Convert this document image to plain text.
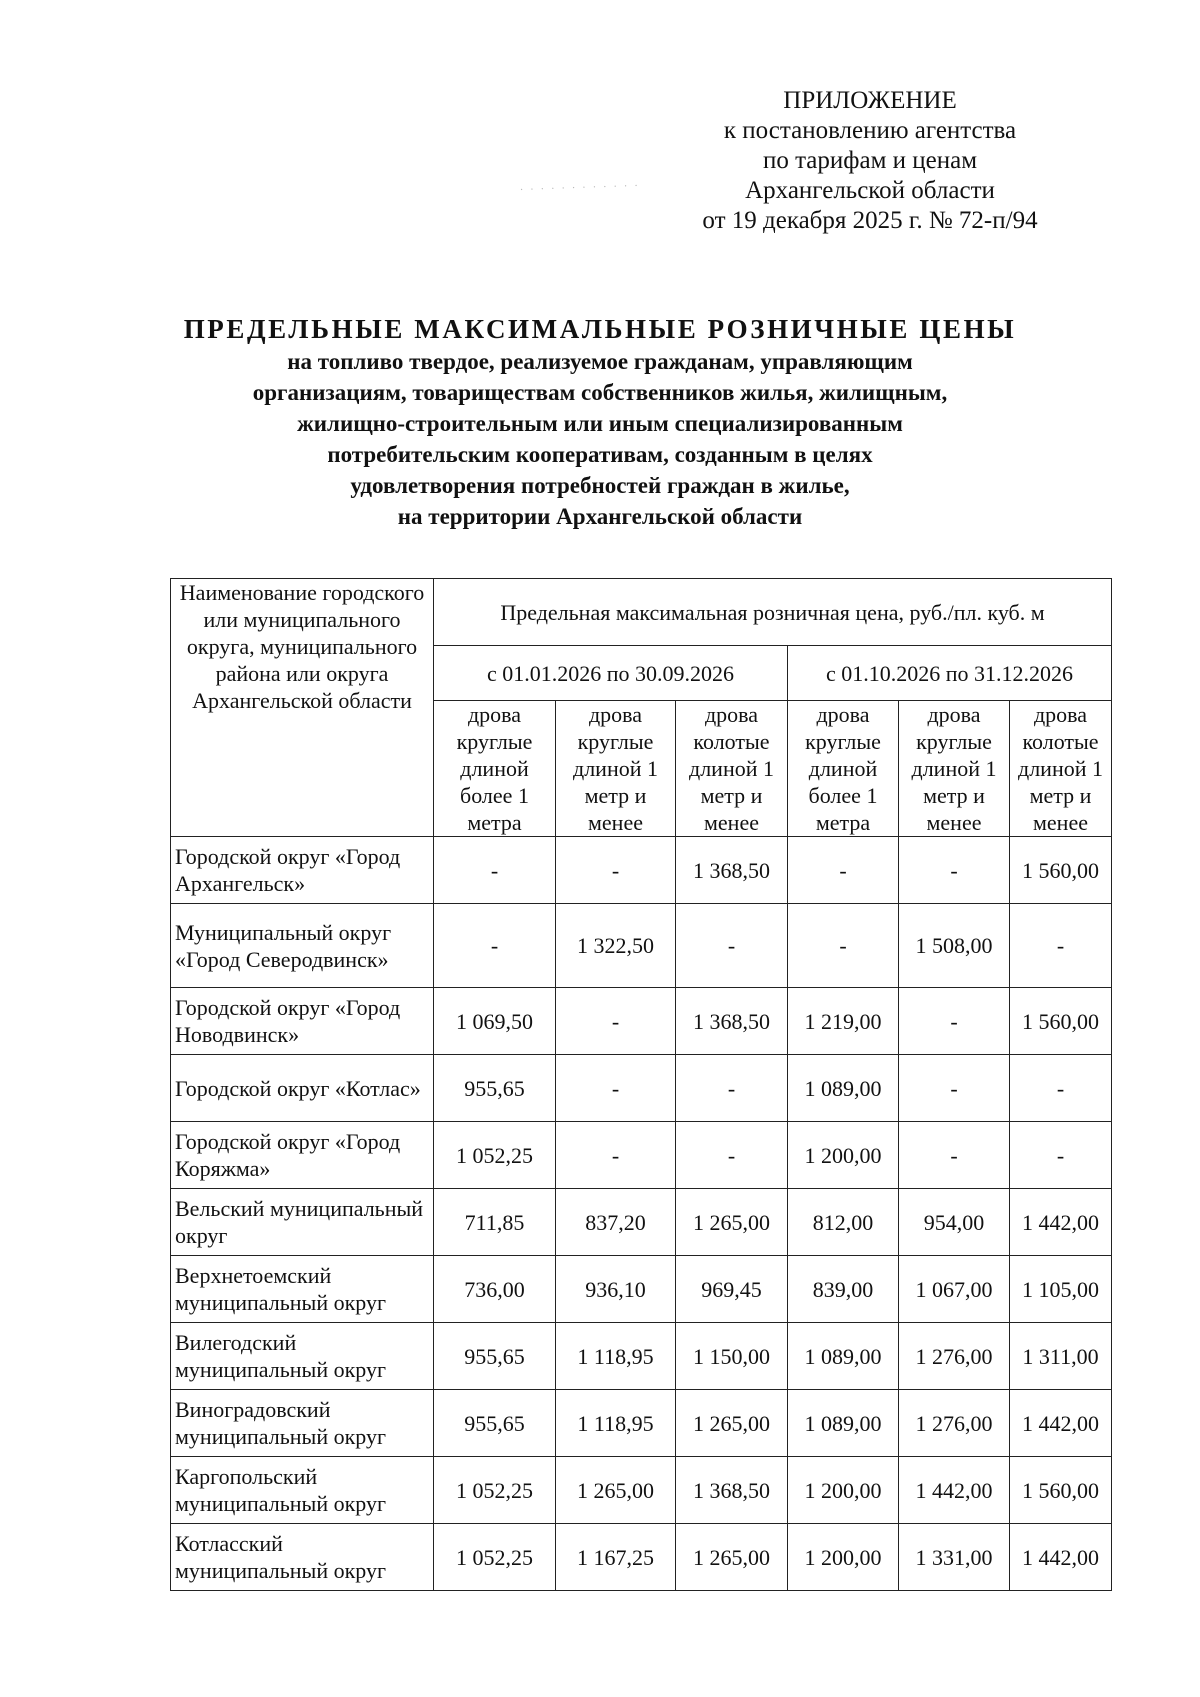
ПРИЛОЖЕНИЕ
к постановлению агентства
по тарифам и ценам
Архангельской области
от 19 декабря 2025 г. № 72-п/94
· · · · · · · · · · · ·
ПРЕДЕЛЬНЫЕ МАКСИМАЛЬНЫЕ РОЗНИЧНЫЕ ЦЕНЫ
на топливо твердое, реализуемое гражданам, управляющим
организациям, товариществам собственников жилья, жилищным,
жилищно-строительным или иным специализированным
потребительским кооперативам, созданным в целях
удовлетворения потребностей граждан в жилье,
на территории Архангельской области
Наименование городского или муниципального округа, муниципального района или округа Архангельской области	Предельная максимальная розничная цена, руб./пл. куб. м					
	с 01.01.2026 по 30.09.2026			с 01.10.2026 по 31.12.2026		
	дрова круглые длиной более 1 метра	дрова круглые длиной 1 метр и менее	дрова колотые длиной 1 метр и менее	дрова круглые длиной более 1 метра	дрова круглые длиной 1 метр и менее	дрова колотые длиной 1 метр и менее
Городской округ «Город Архангельск»	-	-	1 368,50	-	-	1 560,00
Муниципальный округ «Город Северодвинск»	-	1 322,50	-	-	1 508,00	-
Городской округ «Город Новодвинск»	1 069,50	-	1 368,50	1 219,00	-	1 560,00
Городской округ «Котлас»	955,65	-	-	1 089,00	-	-
Городской округ «Город Коряжма»	1 052,25	-	-	1 200,00	-	-
Вельский муниципальный округ	711,85	837,20	1 265,00	812,00	954,00	1 442,00
Верхнетоемский муниципальный округ	736,00	936,10	969,45	839,00	1 067,00	1 105,00
Вилегодский муниципальный округ	955,65	1 118,95	1 150,00	1 089,00	1 276,00	1 311,00
Виноградовский муниципальный округ	955,65	1 118,95	1 265,00	1 089,00	1 276,00	1 442,00
Каргопольский муниципальный округ	1 052,25	1 265,00	1 368,50	1 200,00	1 442,00	1 560,00
Котласский муниципальный округ	1 052,25	1 167,25	1 265,00	1 200,00	1 331,00	1 442,00
